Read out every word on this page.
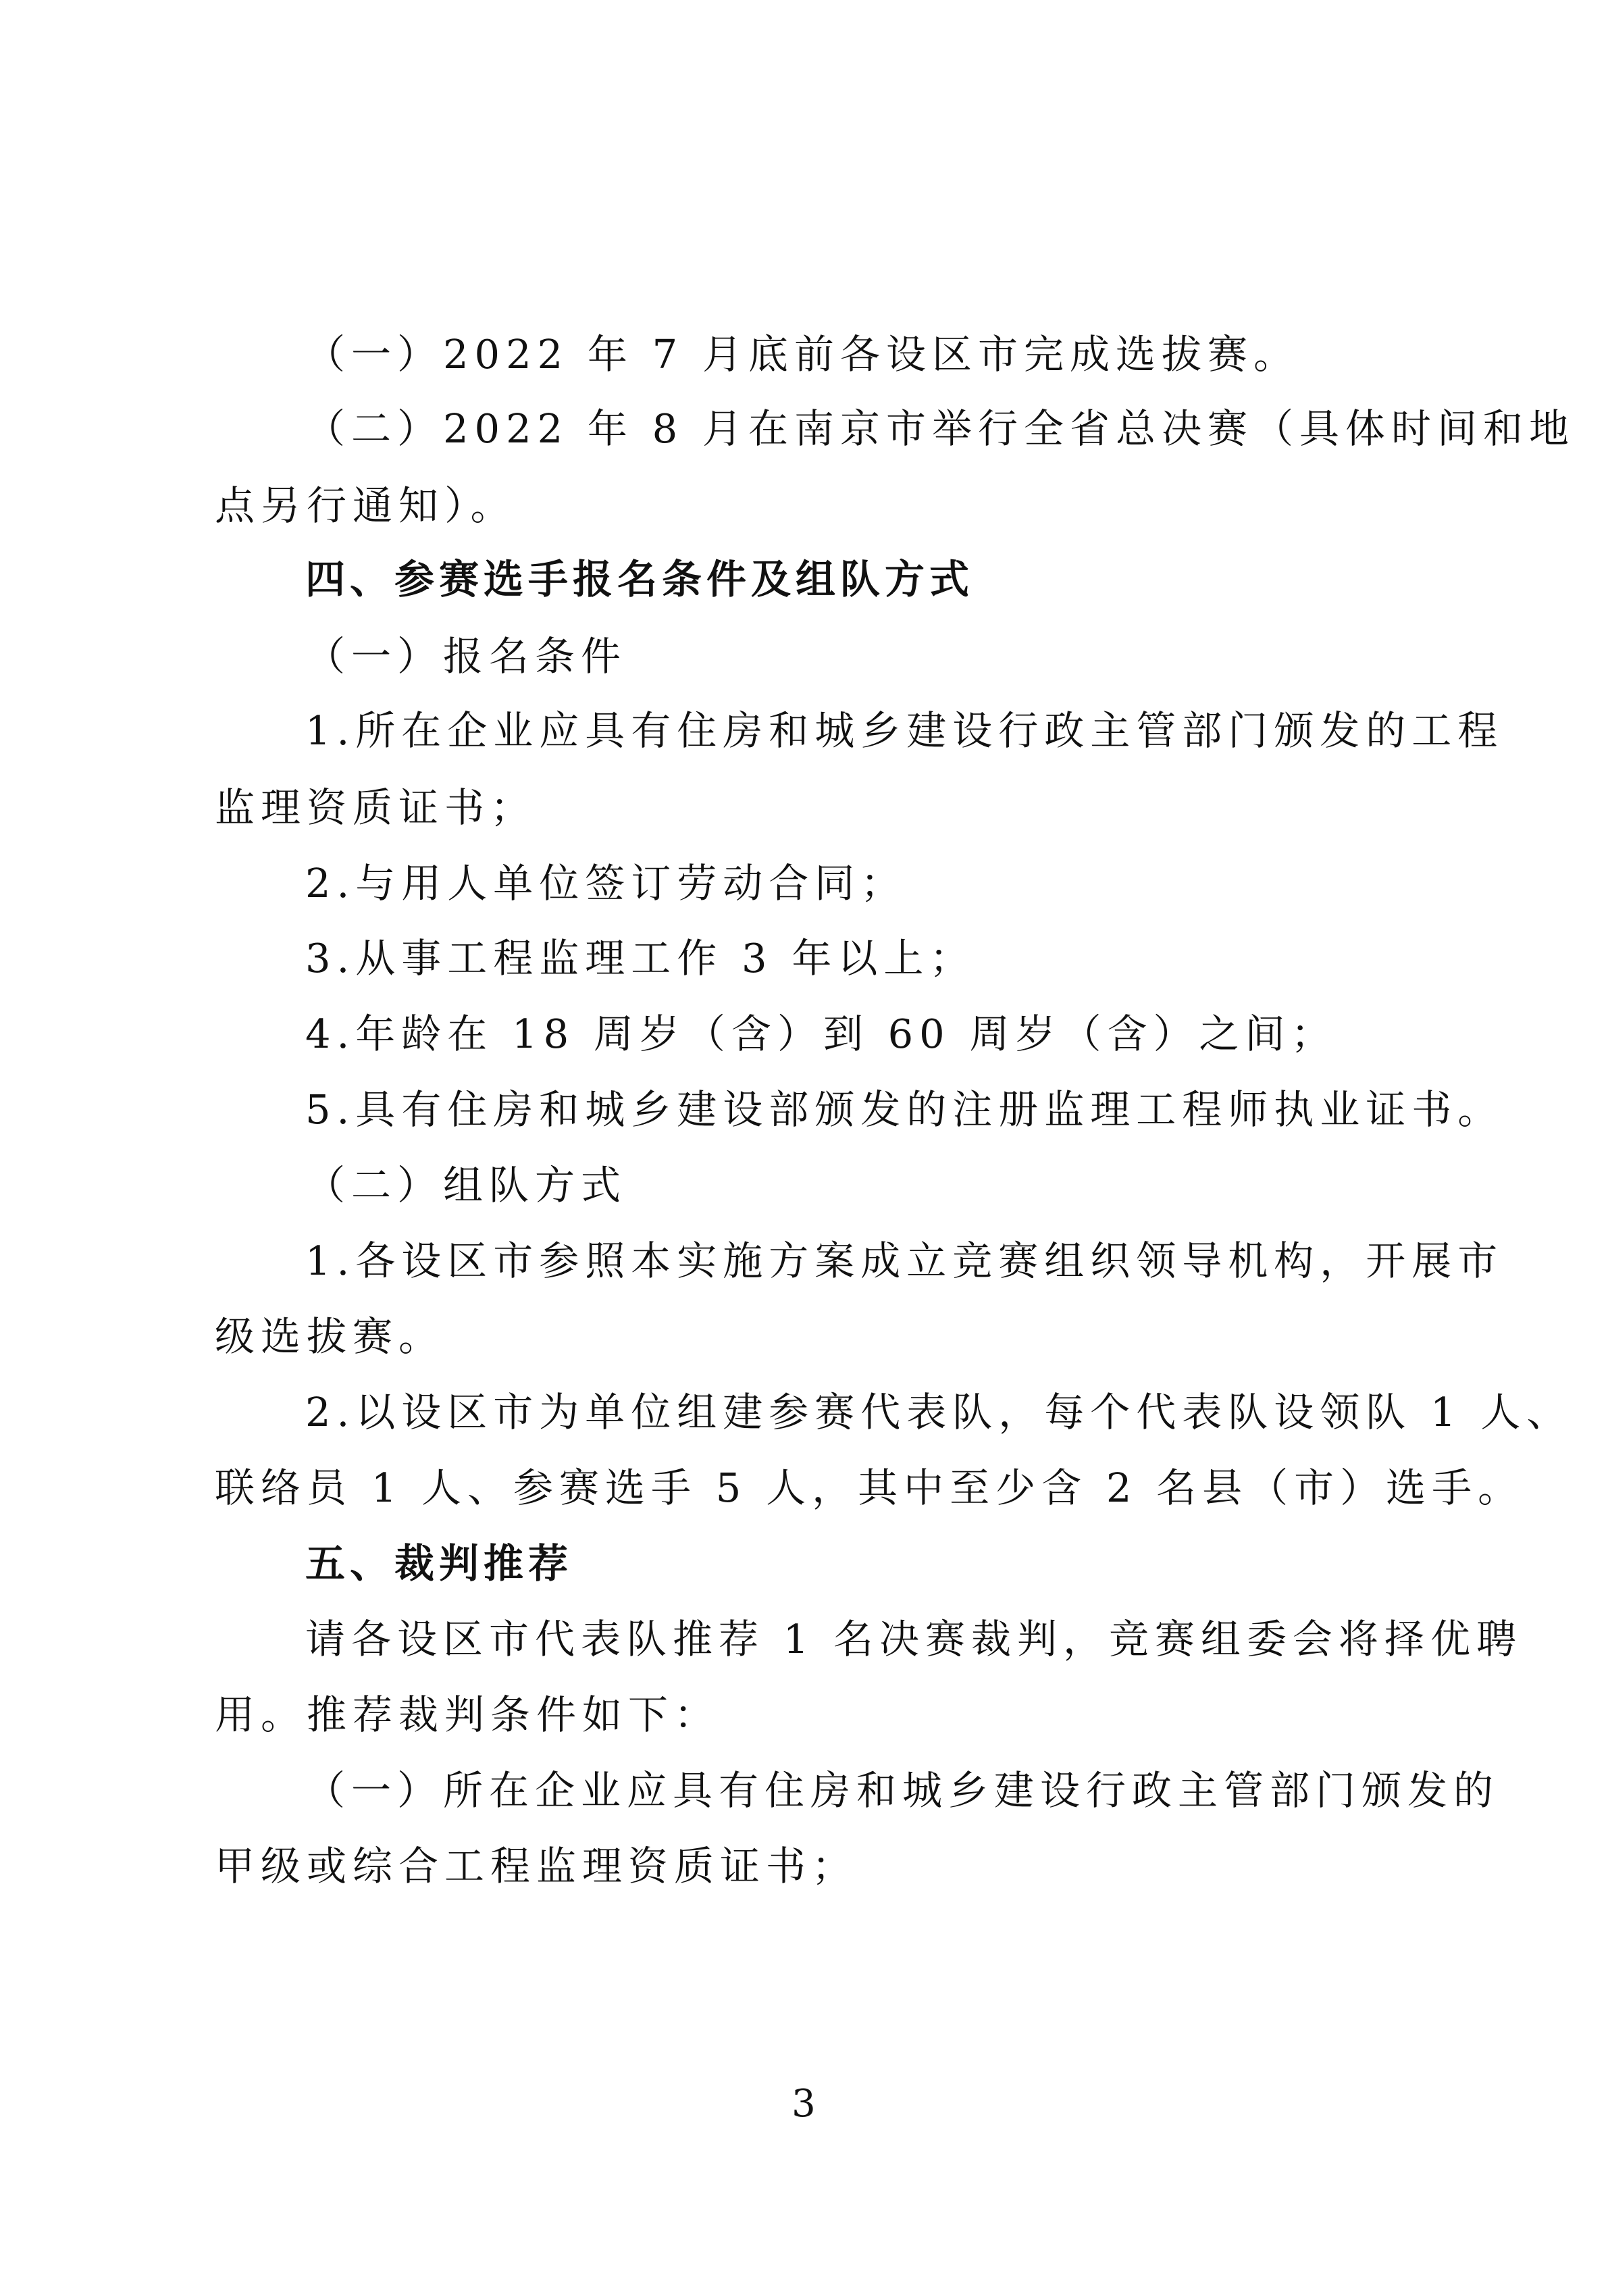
（一）2022 年 7 月底前各设区市完成选拔赛。
（二）2022 年 8 月在南京市举行全省总决赛（具体时间和地
点另行通知）。
四、参赛选手报名条件及组队方式
（一）报名条件
1.所在企业应具有住房和城乡建设行政主管部门颁发的工程
监理资质证书；
2.与用人单位签订劳动合同；
3.从事工程监理工作 3 年以上；
4.年龄在 18 周岁（含）到 60 周岁（含）之间；
5.具有住房和城乡建设部颁发的注册监理工程师执业证书。
（二）组队方式
1.各设区市参照本实施方案成立竞赛组织领导机构，开展市
级选拔赛。
2.以设区市为单位组建参赛代表队，每个代表队设领队 1 人、
联络员 1 人、参赛选手 5 人，其中至少含 2 名县（市）选手。
五、裁判推荐
请各设区市代表队推荐 1 名决赛裁判，竞赛组委会将择优聘
用。推荐裁判条件如下：
（一）所在企业应具有住房和城乡建设行政主管部门颁发的
甲级或综合工程监理资质证书；
3
